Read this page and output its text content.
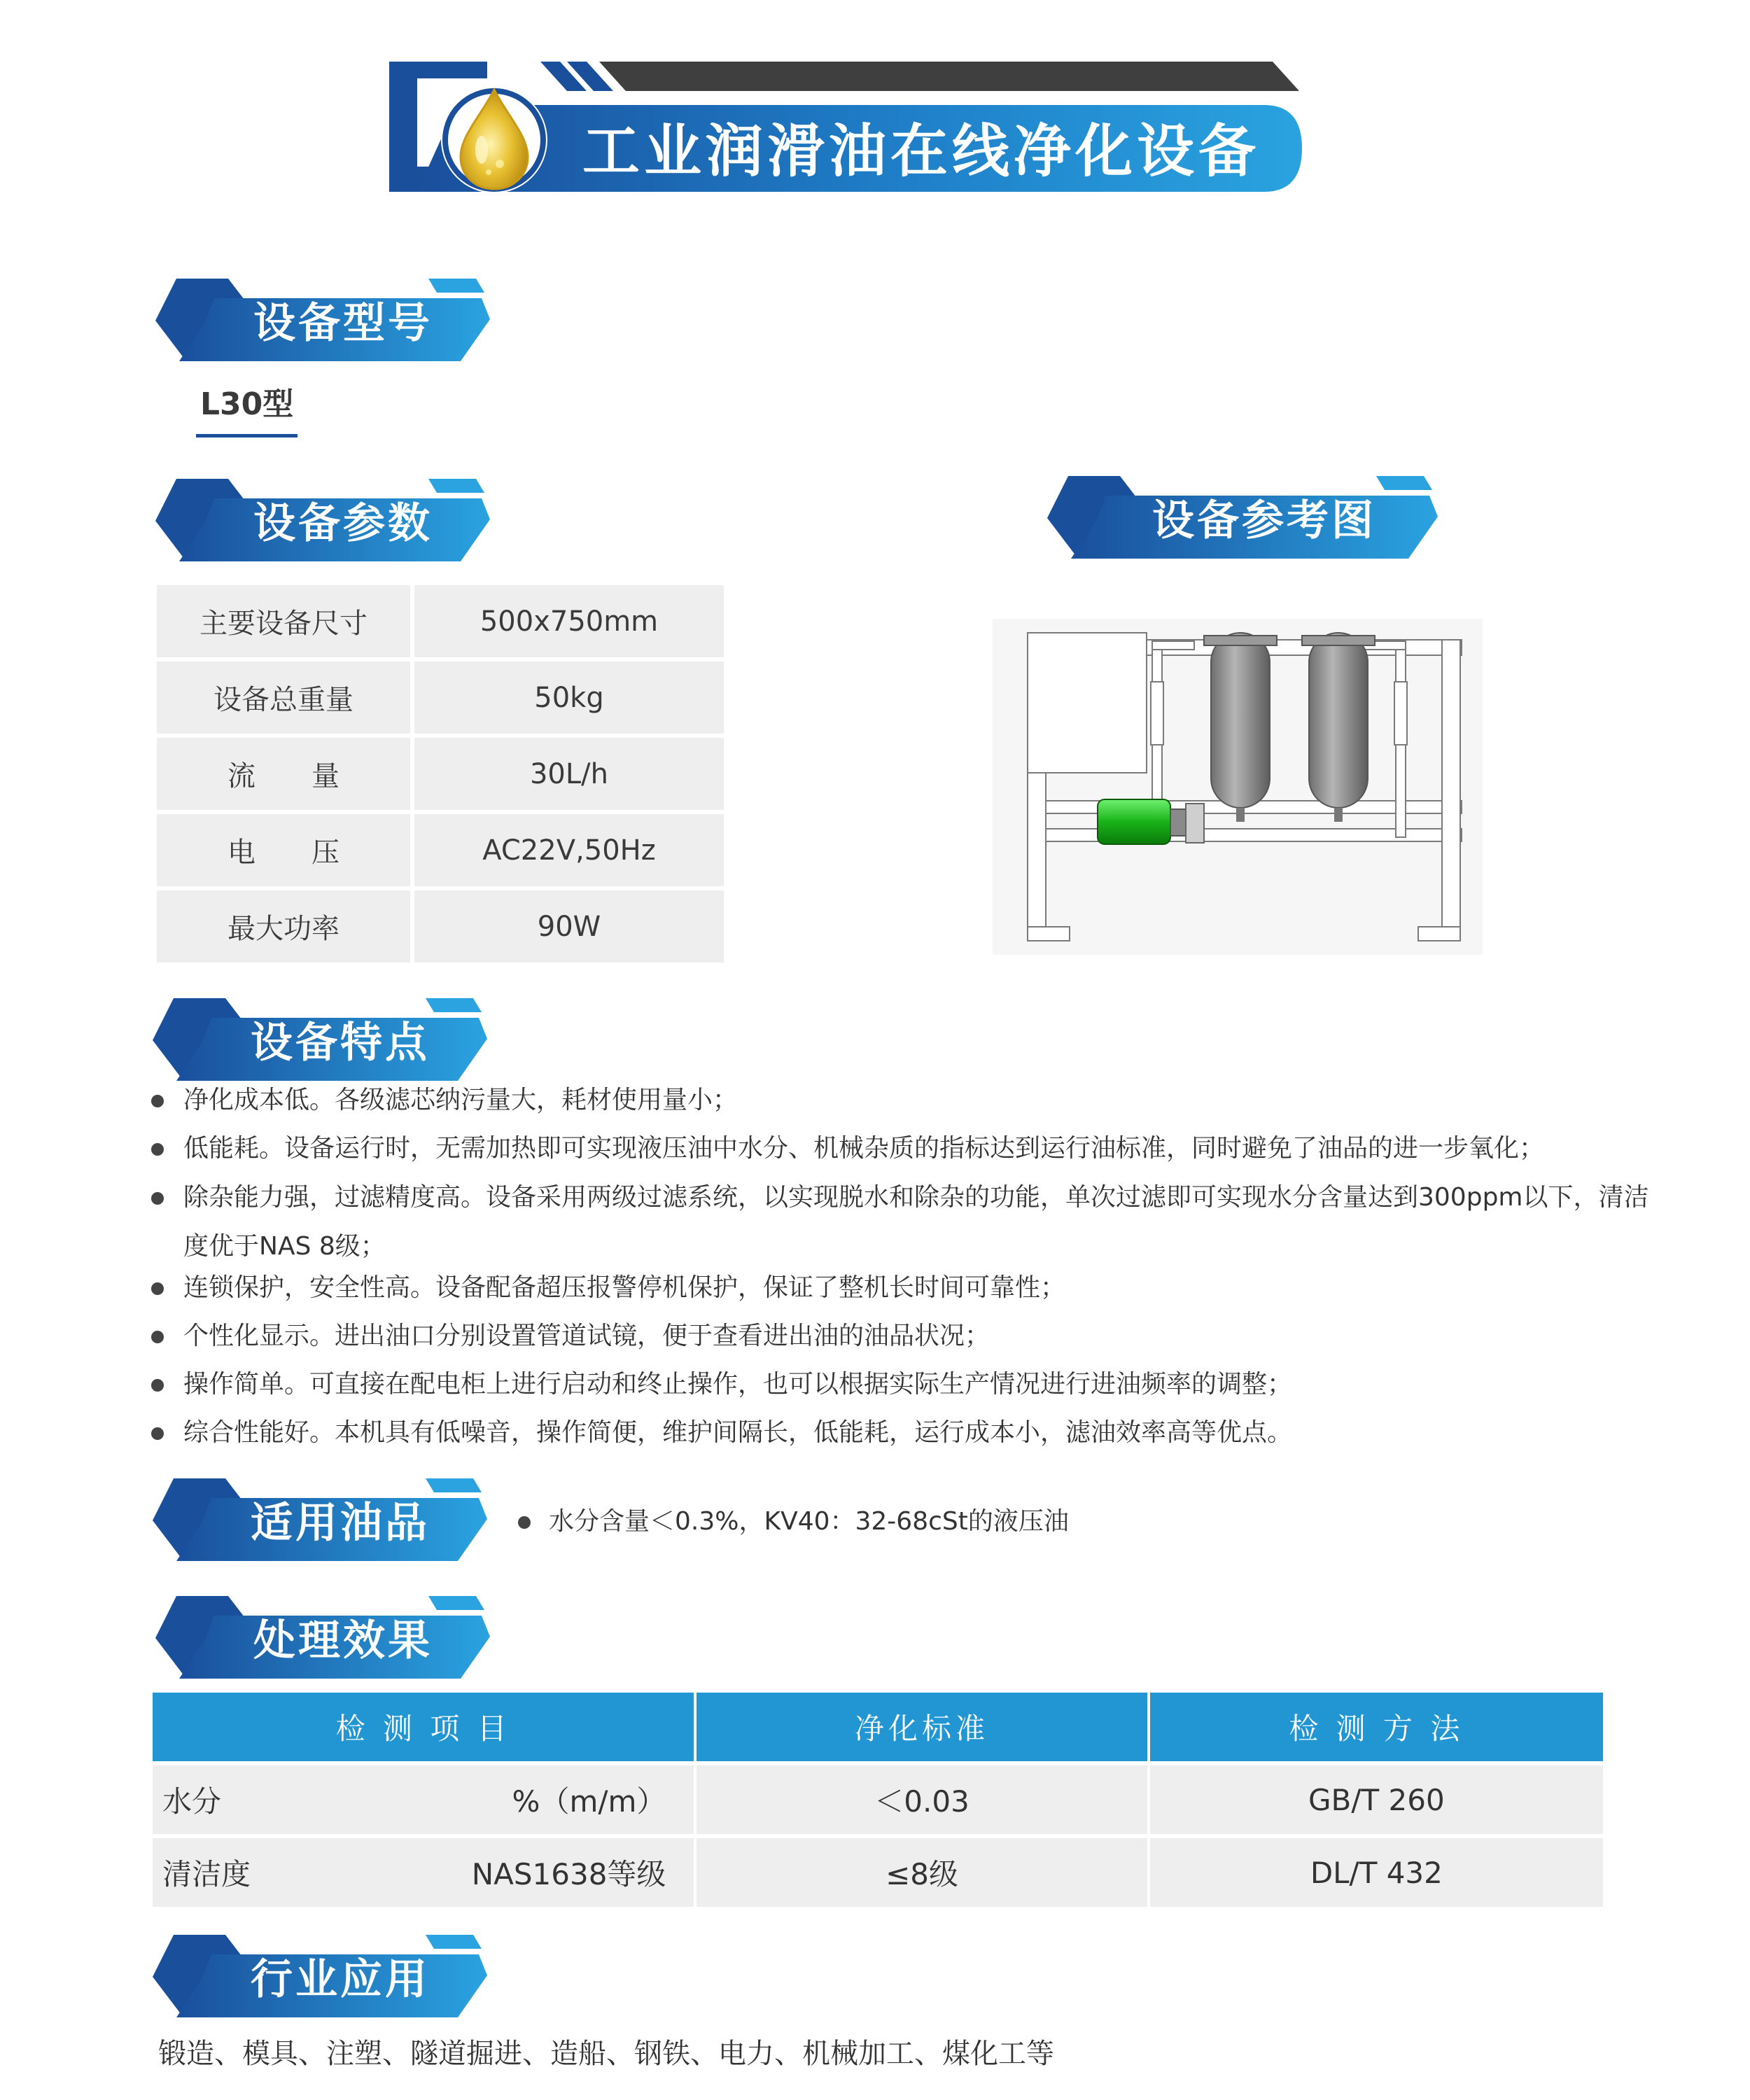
工业润滑油在线净化设备
设备型号
L30型
设备参数	设备参考图
主要设备尺寸	500x750mm
设备总重量	50kg
流　　量	30L/h
电　　压	AC22V,50Hz
最大功率	90W
设备特点
净化成本低。各级滤芯纳污量大，耗材使用量小；
低能耗。设备运行时，无需加热即可实现液压油中水分、机械杂质的指标达到运行油标准，同时避免了油品的进一步氧化；
除杂能力强，过滤精度高。设备采用两级过滤系统，以实现脱水和除杂的功能，单次过滤即可实现水分含量达到300ppm以下，清洁度优于NAS 8级；
连锁保护，安全性高。设备配备超压报警停机保护，保证了整机长时间可靠性；
个性化显示。进出油口分别设置管道试镜，便于查看进出油的油品状况；
操作简单。可直接在配电柜上进行启动和终止操作，也可以根据实际生产情况进行进油频率的调整；
综合性能好。本机具有低噪音，操作简便，维护间隔长，低能耗，运行成本小，滤油效率高等优点。
适用油品	水分含量＜0.3%，KV40：32-68cSt的液压油
处理效果
检 测 项 目	净化标准	检 测 方 法

水分 %（m/m）	＜0.03	GB/T 260

清洁度 NAS1638等级	≤8级	DL/T 432
行业应用
锻造、模具、注塑、隧道掘进、造船、钢铁、电力、机械加工、煤化工等
